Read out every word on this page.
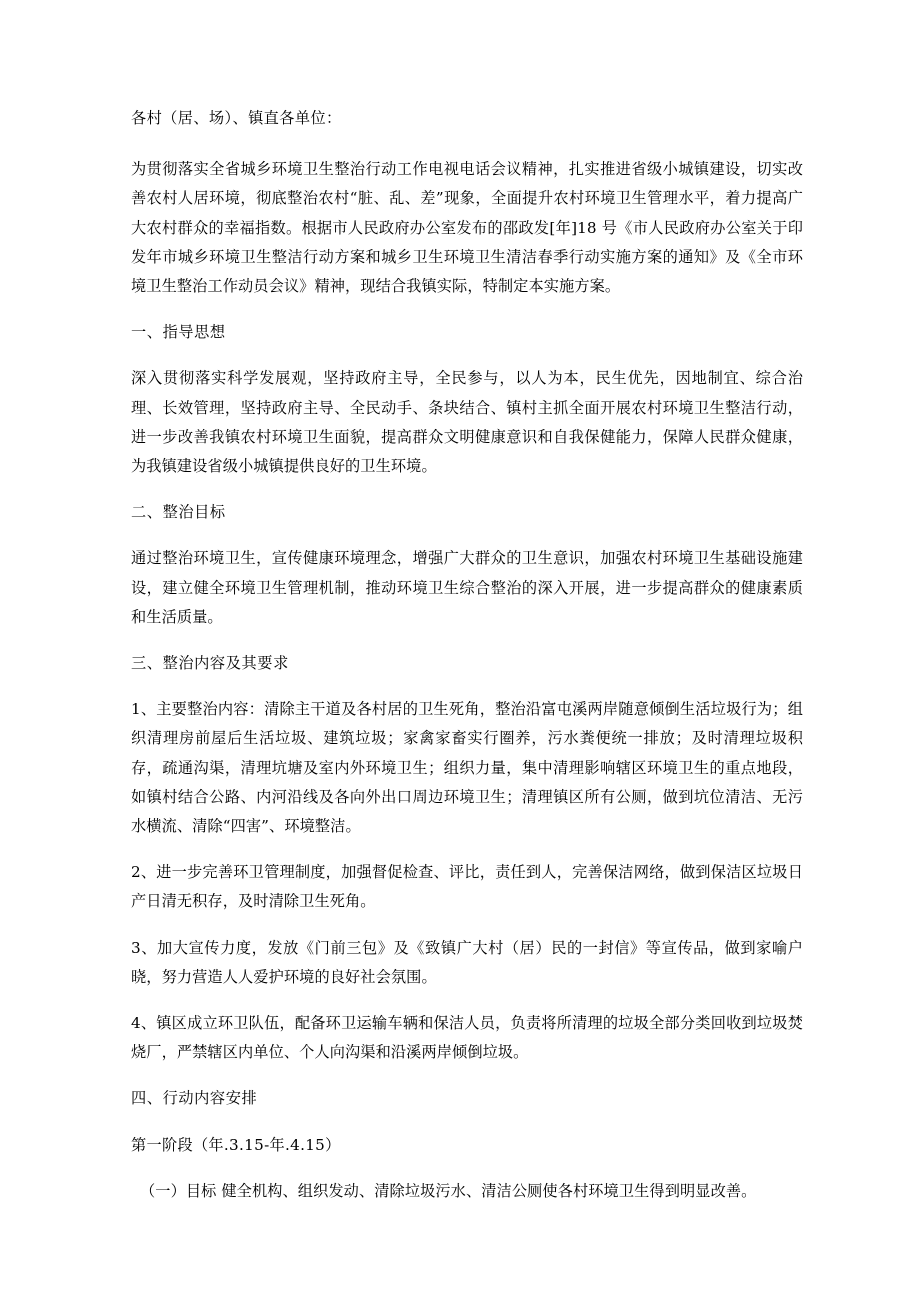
各村（居、场）、镇直各单位：

为贯彻落实全省城乡环境卫生整治行动工作电视电话会议精神，扎实推进省级小城镇建设，切实改善农村人居环境，彻底整治农村“脏、乱、差”现象，全面提升农村环境卫生管理水平，着力提高广大农村群众的幸福指数。根据市人民政府办公室发布的邵政发[年]18 号《市人民政府办公室关于印发年市城乡环境卫生整洁行动方案和城乡卫生环境卫生清洁春季行动实施方案的通知》及《全市环境卫生整治工作动员会议》精神，现结合我镇实际，特制定本实施方案。

一、指导思想

深入贯彻落实科学发展观，坚持政府主导，全民参与，以人为本，民生优先，因地制宜、综合治理、长效管理，坚持政府主导、全民动手、条块结合、镇村主抓全面开展农村环境卫生整洁行动，进一步改善我镇农村环境卫生面貌，提高群众文明健康意识和自我保健能力，保障人民群众健康，为我镇建设省级小城镇提供良好的卫生环境。

二、整治目标

通过整治环境卫生，宣传健康环境理念，增强广大群众的卫生意识，加强农村环境卫生基础设施建设，建立健全环境卫生管理机制，推动环境卫生综合整治的深入开展，进一步提高群众的健康素质和生活质量。

三、整治内容及其要求

1、主要整治内容：清除主干道及各村居的卫生死角，整治沿富屯溪两岸随意倾倒生活垃圾行为；组织清理房前屋后生活垃圾、建筑垃圾；家禽家畜实行圈养，污水粪便统一排放；及时清理垃圾积存，疏通沟渠，清理坑塘及室内外环境卫生；组织力量，集中清理影响辖区环境卫生的重点地段，如镇村结合公路、内河沿线及各向外出口周边环境卫生；清理镇区所有公厕，做到坑位清洁、无污水横流、清除“四害”、环境整洁。

2、进一步完善环卫管理制度，加强督促检查、评比，责任到人，完善保洁网络，做到保洁区垃圾日产日清无积存，及时清除卫生死角。

3、加大宣传力度，发放《门前三包》及《致镇广大村（居）民的一封信》等宣传品，做到家喻户晓，努力营造人人爱护环境的良好社会氛围。

4、镇区成立环卫队伍，配备环卫运输车辆和保洁人员，负责将所清理的垃圾全部分类回收到垃圾焚烧厂，严禁辖区内单位、个人向沟渠和沿溪两岸倾倒垃圾。

四、行动内容安排

第一阶段（年.3.15-年.4.15）

（一）目标 健全机构、组织发动、清除垃圾污水、清洁公厕使各村环境卫生得到明显改善。
